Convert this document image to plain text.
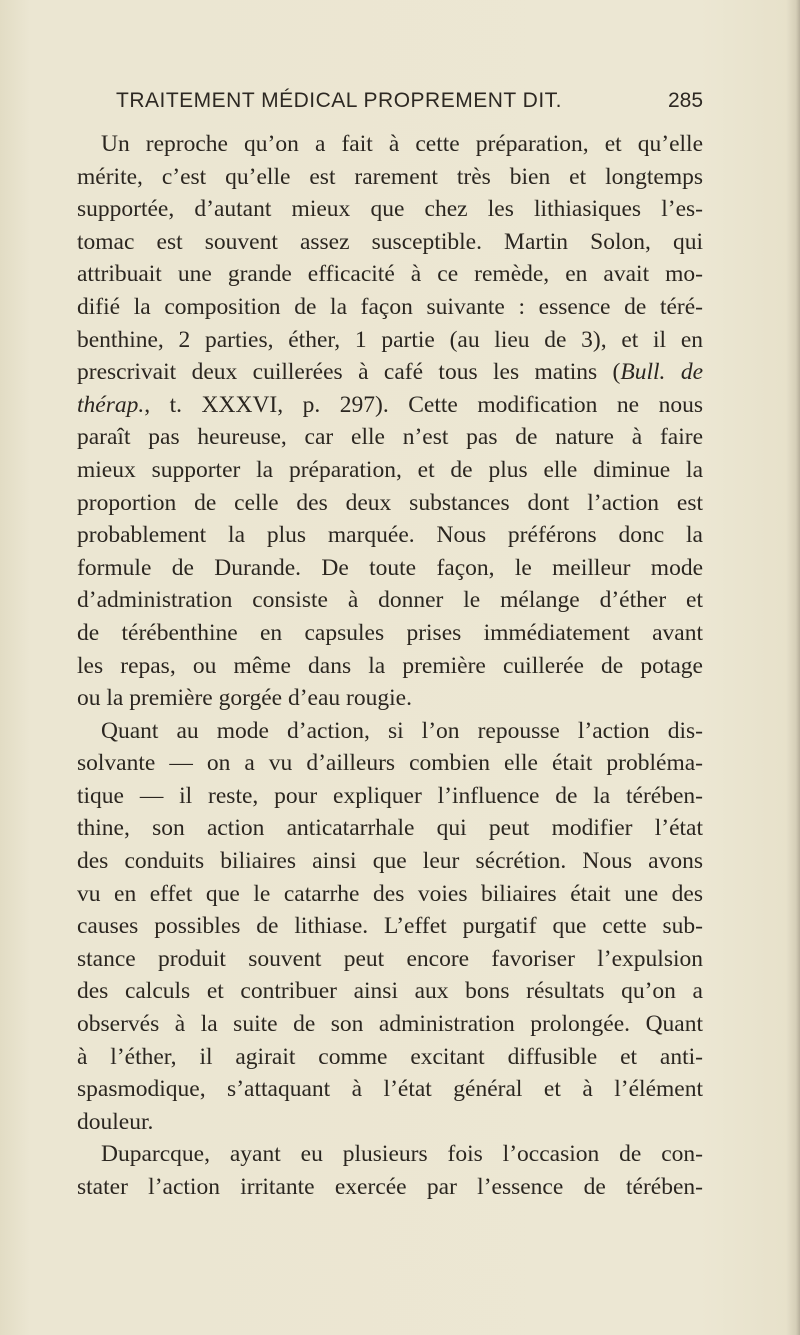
TRAITEMENT MÉDICAL PROPREMENT DIT.	285
Un reproche qu’on a fait à cette préparation, et qu’elle
mérite, c’est qu’elle est rarement très bien et longtemps
supportée, d’autant mieux que chez les lithiasiques l’es-
tomac est souvent assez susceptible. Martin Solon, qui
attribuait une grande efficacité à ce remède, en avait mo-
difié la composition de la façon suivante : essence de téré-
benthine, 2 parties, éther, 1 partie (au lieu de 3), et il en
prescrivait deux cuillerées à café tous les matins (Bull. de
thérap., t. XXXVI, p. 297). Cette modification ne nous
paraît pas heureuse, car elle n’est pas de nature à faire
mieux supporter la préparation, et de plus elle diminue la
proportion de celle des deux substances dont l’action est
probablement la plus marquée. Nous préférons donc la
formule de Durande. De toute façon, le meilleur mode
d’administration consiste à donner le mélange d’éther et
de térébenthine en capsules prises immédiatement avant
les repas, ou même dans la première cuillerée de potage
ou la première gorgée d’eau rougie.
Quant au mode d’action, si l’on repousse l’action dis-
solvante — on a vu d’ailleurs combien elle était probléma-
tique — il reste, pour expliquer l’influence de la térében-
thine, son action anticatarrhale qui peut modifier l’état
des conduits biliaires ainsi que leur sécrétion. Nous avons
vu en effet que le catarrhe des voies biliaires était une des
causes possibles de lithiase. L’effet purgatif que cette sub-
stance produit souvent peut encore favoriser l’expulsion
des calculs et contribuer ainsi aux bons résultats qu’on a
observés à la suite de son administration prolongée. Quant
à l’éther, il agirait comme excitant diffusible et anti-
spasmodique, s’attaquant à l’état général et à l’élément
douleur.
Duparcque, ayant eu plusieurs fois l’occasion de con-
stater l’action irritante exercée par l’essence de térében-
